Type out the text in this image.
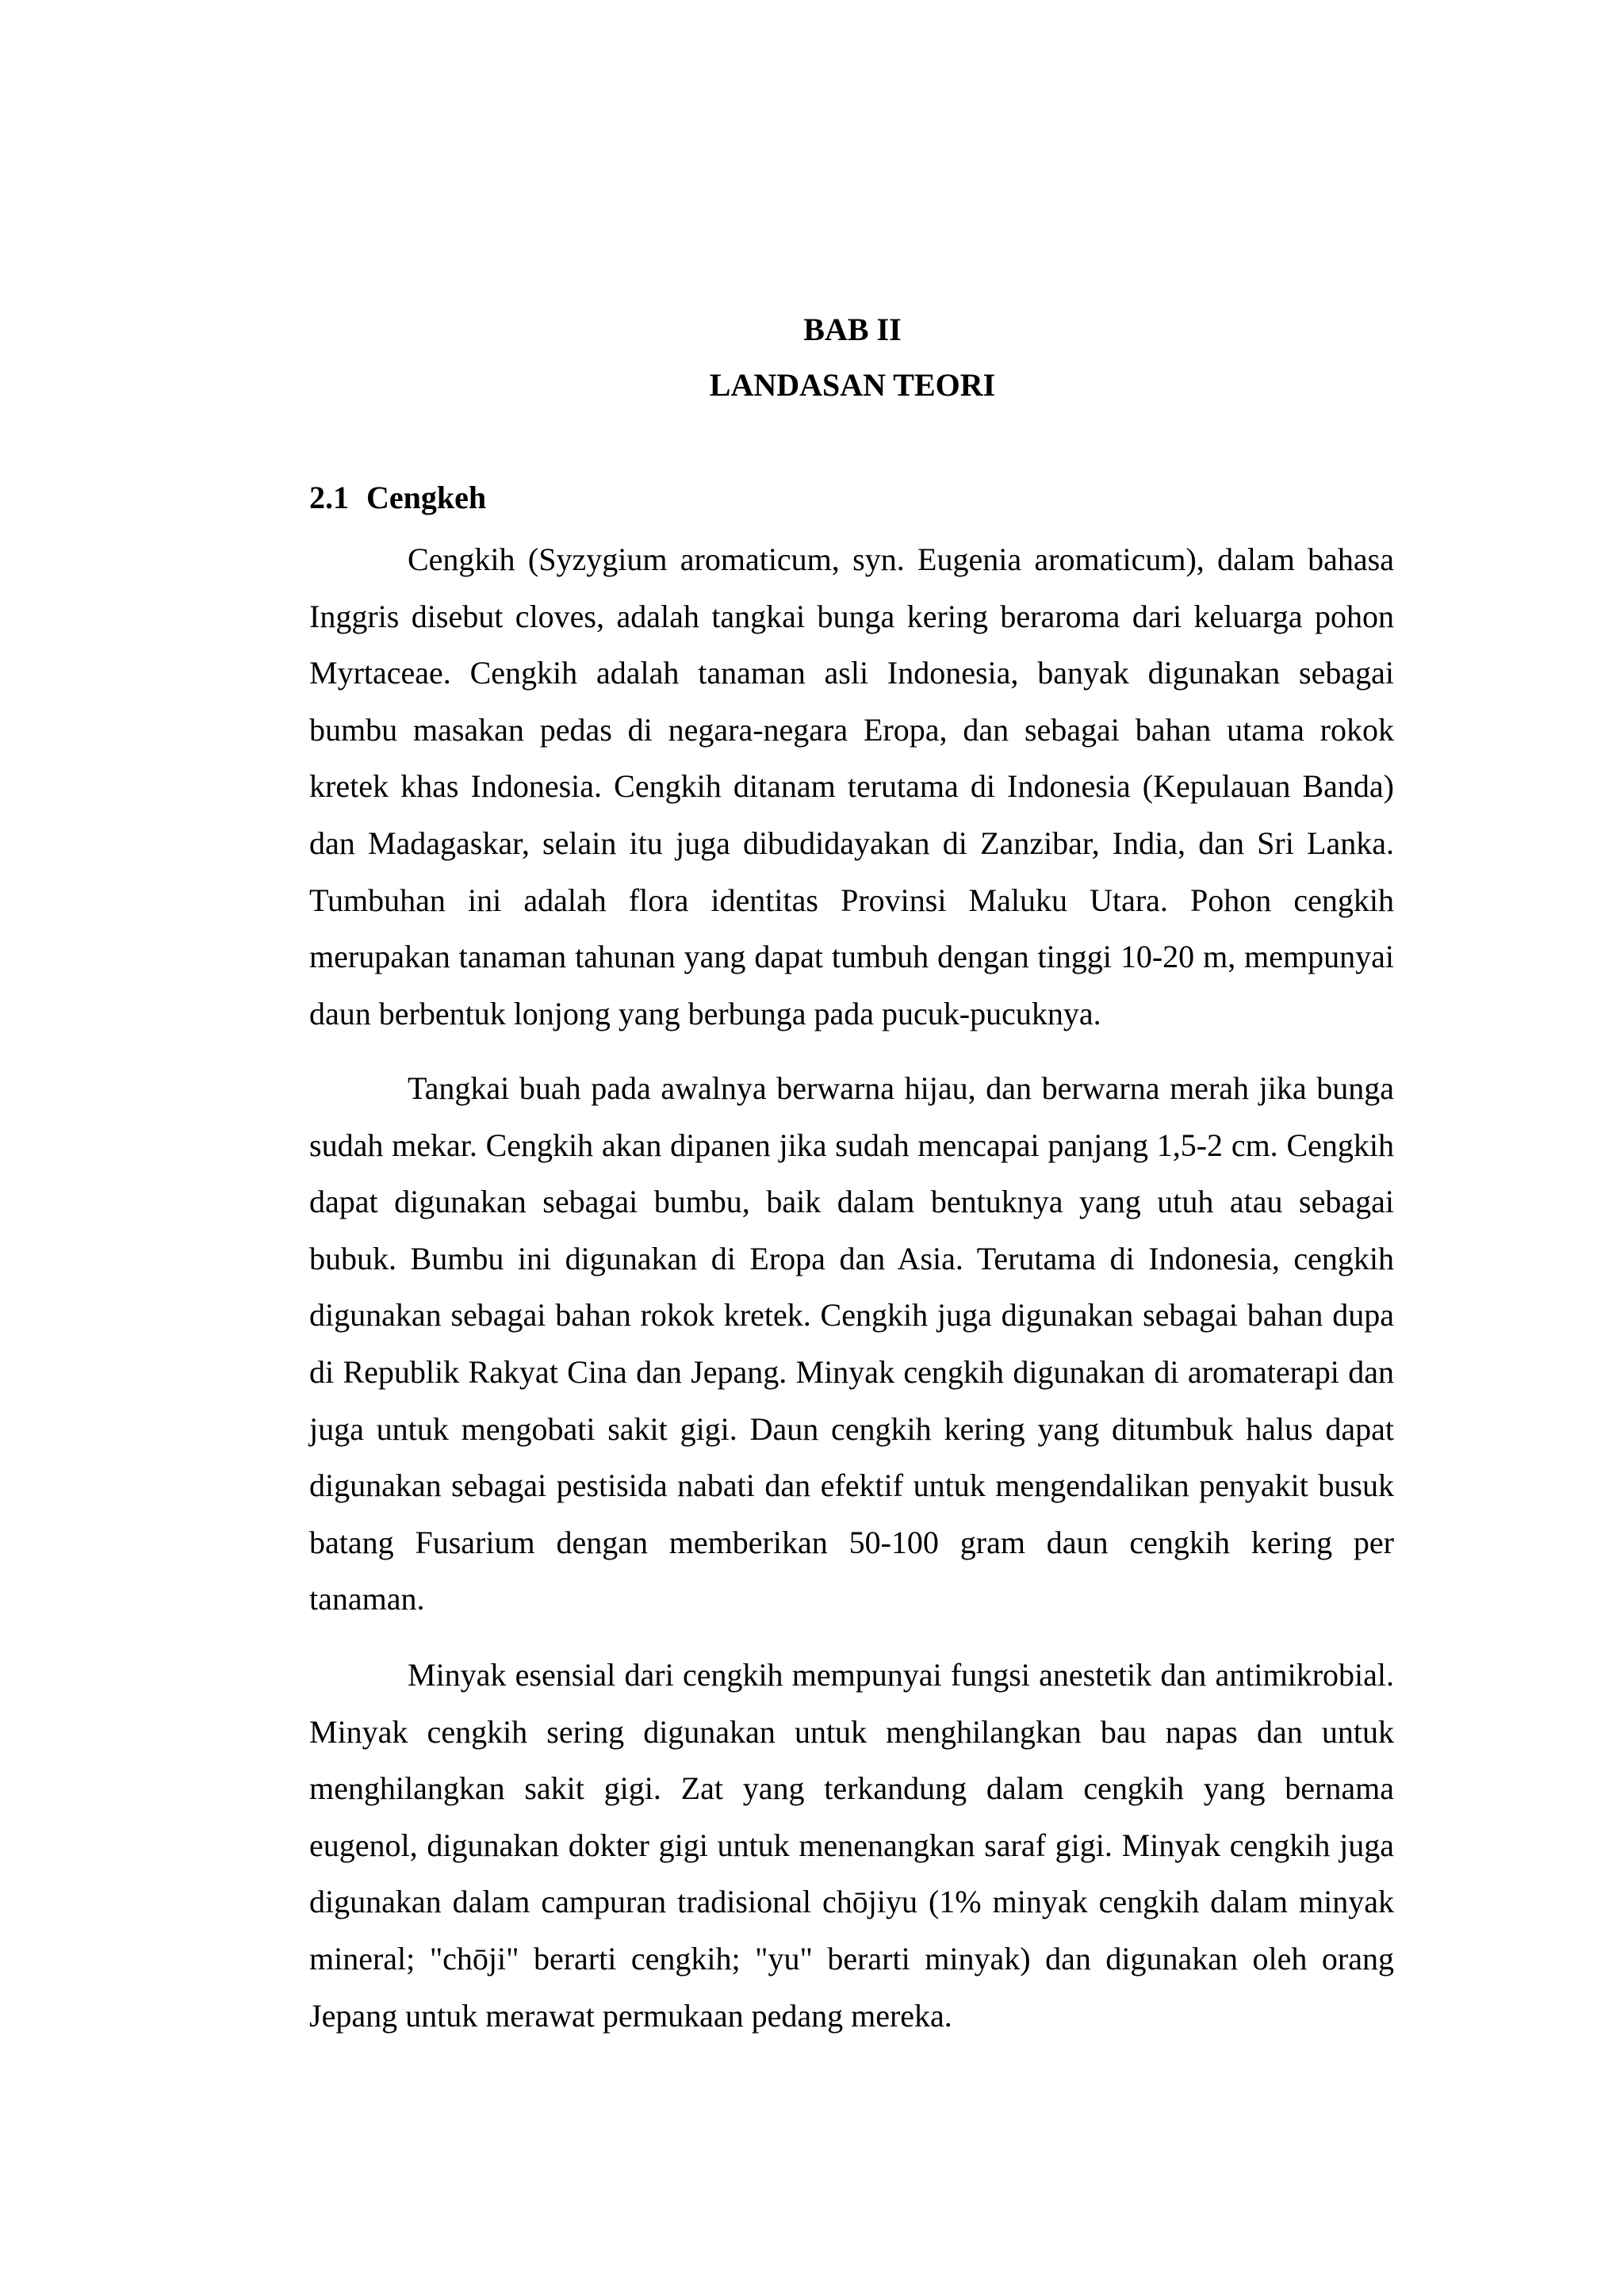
BAB II
LANDASAN TEORI
2.1 Cengkeh

Cengkih (Syzygium aromaticum, syn. Eugenia aromaticum), dalam bahasa Inggris disebut cloves, adalah tangkai bunga kering beraroma dari keluarga pohon Myrtaceae. Cengkih adalah tanaman asli Indonesia, banyak digunakan sebagai bumbu masakan pedas di negara-negara Eropa, dan sebagai bahan utama rokok kretek khas Indonesia. Cengkih ditanam terutama di Indonesia (Kepulauan Banda) dan Madagaskar, selain itu juga dibudidayakan di Zanzibar, India, dan Sri Lanka. Tumbuhan ini adalah flora identitas Provinsi Maluku Utara. Pohon cengkih merupakan tanaman tahunan yang dapat tumbuh dengan tinggi 10-20 m, mempunyai daun berbentuk lonjong yang berbunga pada pucuk-pucuknya.

Tangkai buah pada awalnya berwarna hijau, dan berwarna merah jika bunga sudah mekar. Cengkih akan dipanen jika sudah mencapai panjang 1,5-2 cm. Cengkih dapat digunakan sebagai bumbu, baik dalam bentuknya yang utuh atau sebagai bubuk. Bumbu ini digunakan di Eropa dan Asia. Terutama di Indonesia, cengkih digunakan sebagai bahan rokok kretek. Cengkih juga digunakan sebagai bahan dupa di Republik Rakyat Cina dan Jepang. Minyak cengkih digunakan di aromaterapi dan juga untuk mengobati sakit gigi. Daun cengkih kering yang ditumbuk halus dapat digunakan sebagai pestisida nabati dan efektif untuk mengendalikan penyakit busuk batang Fusarium dengan memberikan 50-100 gram daun cengkih kering per tanaman.

Minyak esensial dari cengkih mempunyai fungsi anestetik dan antimikrobial. Minyak cengkih sering digunakan untuk menghilangkan bau napas dan untuk menghilangkan sakit gigi. Zat yang terkandung dalam cengkih yang bernama eugenol, digunakan dokter gigi untuk menenangkan saraf gigi. Minyak cengkih juga digunakan dalam campuran tradisional chōjiyu (1% minyak cengkih dalam minyak mineral; "chōji" berarti cengkih; "yu" berarti minyak) dan digunakan oleh orang Jepang untuk merawat permukaan pedang mereka.
